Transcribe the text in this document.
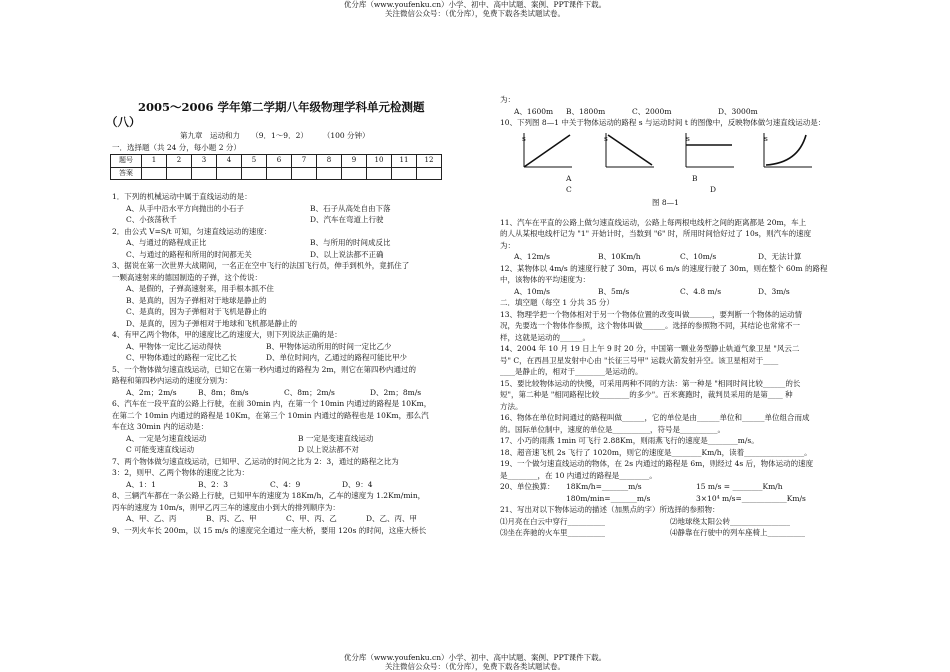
优分库（www.youfenku.cn）小学、初中、高中试题、案例、PPT课件下载。
关注微信公众号：（优分库），免费下载各类试题试卷。

2005～2006 学年第二学期八年级物理学科单元检测题

（八）

第九章　运动和力　　（9．1～9．2）　　　（100 分钟）

一．选择题（共 24 分，每小题 2 分）

题号	1	2	3	4	5	6	7	8	9	10	11	12
答案												

1．下列的机械运动中属于直线运动的是：

A、从手中沿水平方向抛出的小石子	B、石子从高处自由下落

C、小孩荡秋千	D、汽车在弯道上行驶

2．由公式 V=S/t 可知，匀速直线运动的速度：

A、与通过的路程成正比	B、与所用的时间成反比

C、与通过的路程和所用的时间都无关	D、以上说法都不正确

3、据说在第一次世界大战期间，一名正在空中飞行的法国飞行员，伸手到机外，竟抓住了

一颗高速射来的德国制造的子弹，这个传说：

A、是假的，子弹高速射来，用手根本抓不住

B、是真的，因为子弹相对于地球是静止的

C、是真的，因为子弹相对于飞机是静止的

D、是真的，因为子弹相对于地球和飞机都是静止的

4、有甲乙两个物体，甲的速度比乙的速度大，则下列说法正确的是：

A、甲物体一定比乙运动得快	B、甲物体运动所用的时间一定比乙少

C、甲物体通过的路程一定比乙长	D、单位时间内，乙通过的路程可能比甲少

5、一个物体做匀速直线运动，已知它在第一秒内通过的路程为 2m，则它在第四秒内通过的

路程和第四秒内运动的速度分别为：

A、2m；2m/s	B、8m；8m/s	C、8m；2m/s	D、2m；8m/s

6、汽车在一段平直的公路上行驶，在前 30min 内，在第一个 10min 内通过的路程是 10Km，

在第二个 10min 内通过的路程是 10Km，在第三个 10min 内通过的路程也是 10Km，那么汽

车在这 30min 内的运动是：

A、一定是匀速直线运动	B 一定是变速直线运动

C 可能变速直线运动	D 以上说法都不对

7、两个物体做匀速直线运动，已知甲、乙运动的时间之比为 2：3，通过的路程之比为

3：2，则甲、乙两个物体的速度之比为：

A、1：1	B、2：3	C、4：9	D、9：4

8、三辆汽车都在一条公路上行驶，已知甲车的速度为 18Km/h，乙车的速度为 1.2Km/min，

丙车的速度为 10m/s，则甲乙丙三车的速度由小到大的排列顺序为：

A、甲、乙、丙	B、丙、乙、甲	C、甲、丙、乙	D、乙、丙、甲

9、一列火车长 200m，以 15 m/s 的速度完全通过一座大桥，要用 120s 的时间，这座大桥长

为：

A、1600m	B、1800m	C、2000m	D、3000m

10、下列图 8—1 中关于物体运动的路程 s 与运动时间 t 的图像中，反映物体做匀速直线运动是：

s	s	s	s
A
C
B
D
图 8—1

11、汽车在平直的公路上做匀速直线运动，公路上每两根电线杆之间的距离都是 20m，车上

的人从某根电线杆记为 "1" 开始计时，当数到 "6" 时，所用时间恰好过了 10s，则汽车的速度

为：

A、12m/s	B、10Km/h	C、10m/s	D、无法计算

12、某物体以 4m/s 的速度行驶了 30m，再以 6 m/s 的速度行驶了 30m，则在整个 60m 的路程

中，该物体的平均速度为：

A、10m/s	B、5m/s	C、4.8 m/s	D、3m/s

二．填空题（每空 1 分共 35 分）

13、物理学把一个物体相对于另一个物体位置的改变叫做＿＿＿，要判断一个物体的运动情

况，先要选一个物体作参照，这个物体叫做______。选择的参照物不同，其结论也常常不一

样，这就是运动的______。

14、2004 年 10 月 19 日上午 9 时 20 分，中国第一颗业务型静止轨道气象卫星 "风云二

号" C，在西昌卫星发射中心由 "长征三号甲" 运载火箭发射升空。该卫星相对于____

____是静止的，相对于________是运动的。

15、要比较物体运动的快慢，可采用两种不同的方法：第一种是 "相同时间比较______的长

短"，第二种是 "相同路程比较________的多少"。百米赛跑时，裁判员采用的是第____ 种

方法。

16、物体在单位时间通过的路程叫做______，它的单位是由______单位和______单位组合而成

的。国际单位制中，速度的单位是__________，符号是__________。

17、小巧的雨燕 1min 可飞行 2.88Km，则雨燕飞行的速度是________m/s。

18、超音速飞机 2s 飞行了 1020m，则它的速度是________Km/h，读着________________。

19、一个做匀速直线运动的物体，在 2s 内通过的路程是 6m，则经过 4s 后，物体运动的速度

是________，在 10 内通过的路程是________。

20、单位换算：	18Km/h=_______m/s	15 m/s = ________Km/h

180m/min=_______m/s	3×10⁴ m/s=____________Km/s

21、写出对以下物体运动的描述（加黑点的字）所选择的参照物：

⑴月亮在白云中穿行__________	⑵地球绕太阳公转________________

⑶坐在奔驰的火车里__________	⑷静靠在行驶中的列车座椅上__________

优分库（www.youfenku.cn）小学、初中、高中试题、案例、PPT课件下载。
关注微信公众号：（优分库），免费下载各类试题试卷。
